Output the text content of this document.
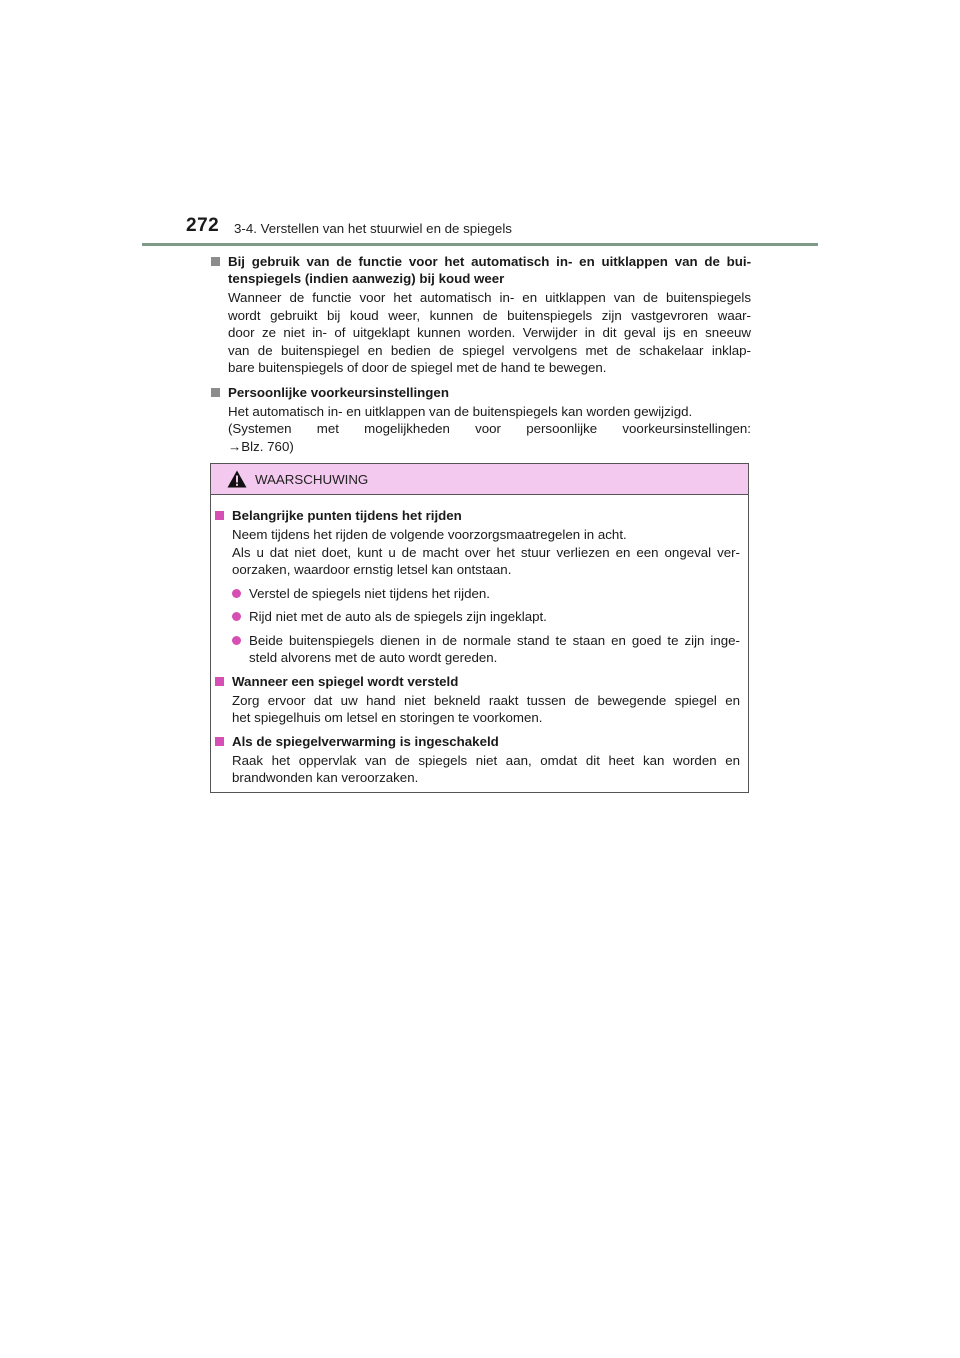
272 3-4. Verstellen van het stuurwiel en de spiegels
Bij gebruik van de functie voor het automatisch in- en uitklappen van de bui- tenspiegels (indien aanwezig) bij koud weer
Wanneer de functie voor het automatisch in- en uitklappen van de buitenspiegels
wordt gebruikt bij koud weer, kunnen de buitenspiegels zijn vastgevroren waar-
door ze niet in- of uitgeklapt kunnen worden. Verwijder in dit geval ijs en sneeuw
van de buitenspiegel en bedien de spiegel vervolgens met de schakelaar inklap-
bare buitenspiegels of door de spiegel met de hand te bewegen.
Persoonlijke voorkeursinstellingen
Het automatisch in- en uitklappen van de buitenspiegels kan worden gewijzigd.
(Systemen met mogelijkheden voor persoonlijke voorkeursinstellingen:
→Blz. 760)
WAARSCHUWING
Belangrijke punten tijdens het rijden
Neem tijdens het rijden de volgende voorzorgsmaatregelen in acht.
Als u dat niet doet, kunt u de macht over het stuur verliezen en een ongeval ver-
oorzaken, waardoor ernstig letsel kan ontstaan.
Verstel de spiegels niet tijdens het rijden.
Rijd niet met de auto als de spiegels zijn ingeklapt.
Beide buitenspiegels dienen in de normale stand te staan en goed te zijn inge- steld alvorens met de auto wordt gereden.
Wanneer een spiegel wordt versteld
Zorg ervoor dat uw hand niet bekneld raakt tussen de bewegende spiegel en
het spiegelhuis om letsel en storingen te voorkomen.
Als de spiegelverwarming is ingeschakeld
Raak het oppervlak van de spiegels niet aan, omdat dit heet kan worden en
brandwonden kan veroorzaken.
